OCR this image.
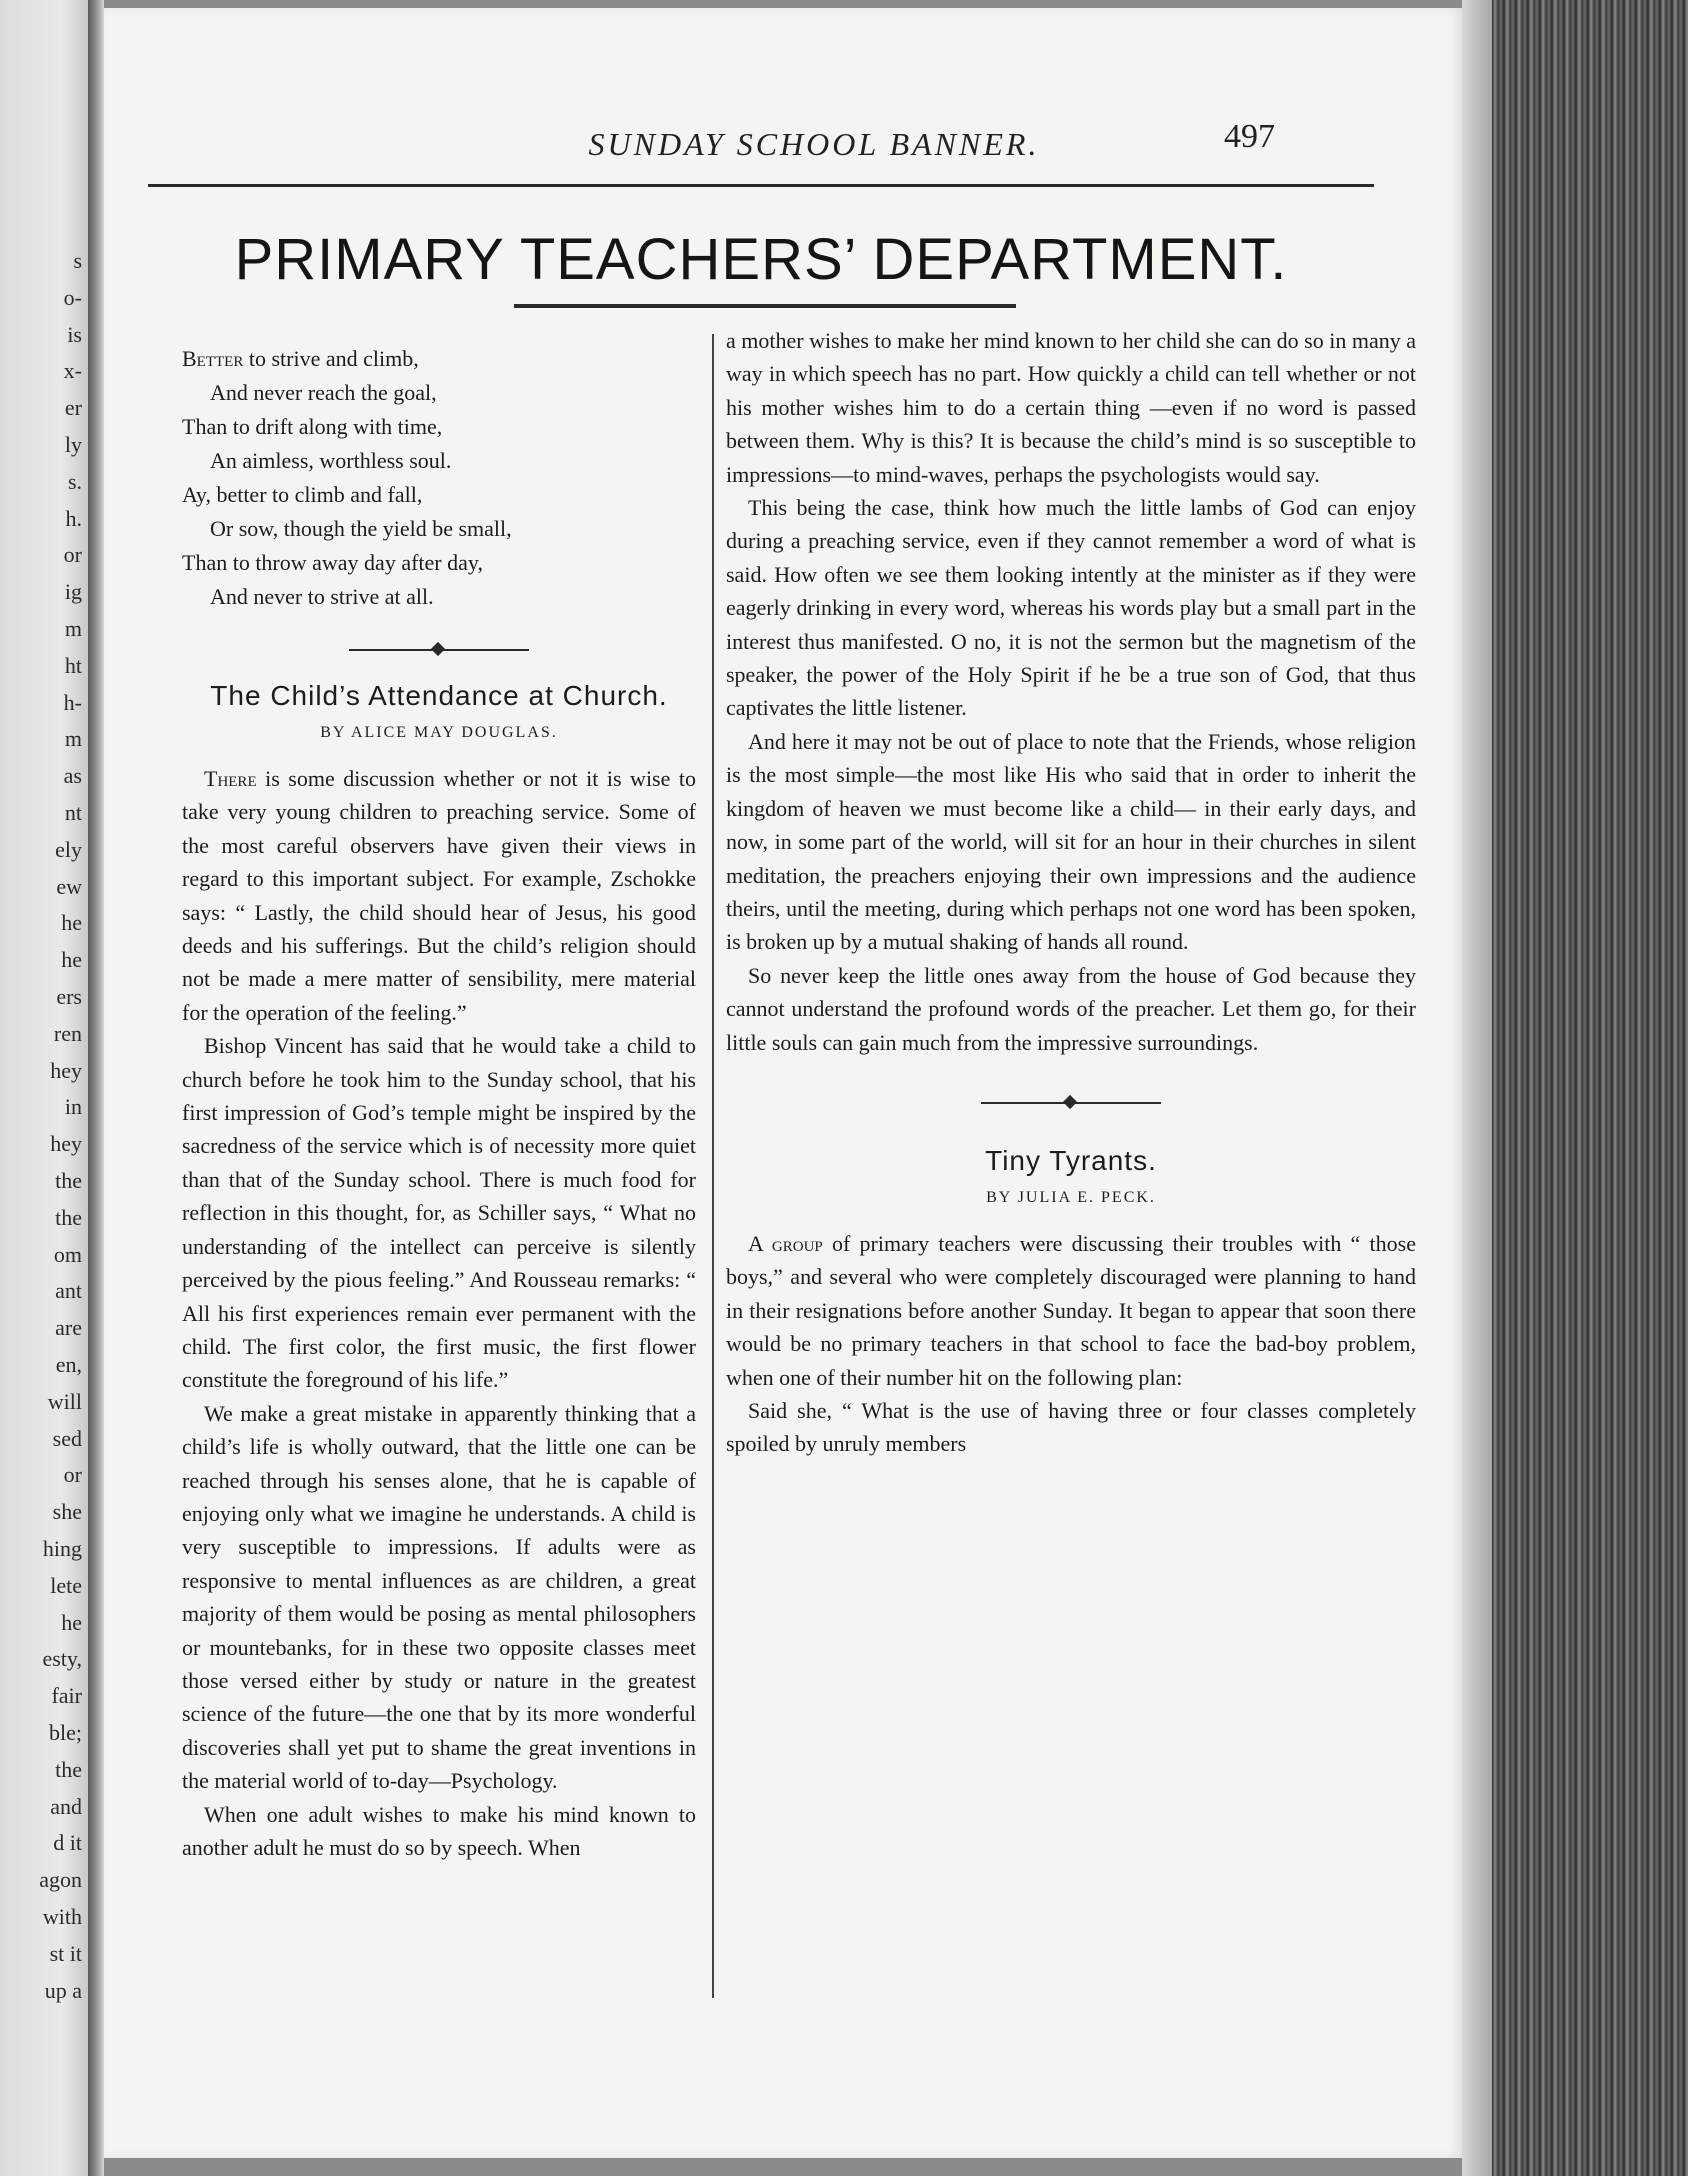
s
o-
is
x-
er
ly
s.
h.
or
ig
m
ht
h-
m
as
nt
ely
ew
he
he
ers
ren
hey
in
hey
the
the
om
ant
are
en,
will
sed
or
she
hing
lete
he
esty,
fair
ble;
the
and
d it
agon
with
st it
up a
SUNDAY SCHOOL BANNER.	497
PRIMARY TEACHERS’ DEPARTMENT.
Better to strive and climb,
And never reach the goal,
Than to drift along with time,
An aimless, worthless soul.
Ay, better to climb and fall,
Or sow, though the yield be small,
Than to throw away day after day,
And never to strive at all.
The Child’s Attendance at Church.
BY ALICE MAY DOUGLAS.

There is some discussion whether or not it is wise to take very young children to preaching service. Some of the most careful observers have given their views in regard to this important subject. For example, Zschokke says: “ Lastly, the child should hear of Jesus, his good deeds and his sufferings. But the child’s religion should not be made a mere matter of sensibility, mere material for the operation of the feeling.”

Bishop Vincent has said that he would take a child to church before he took him to the Sunday school, that his first impression of God’s temple might be inspired by the sacredness of the service which is of necessity more quiet than that of the Sunday school. There is much food for reflection in this thought, for, as Schiller says, “ What no understanding of the intellect can perceive is silently perceived by the pious feeling.” And Rousseau remarks: “ All his first experiences remain ever permanent with the child. The first color, the first music, the first flower constitute the foreground of his life.”

We make a great mistake in apparently thinking that a child’s life is wholly outward, that the little one can be reached through his senses alone, that he is capable of enjoying only what we imagine he understands. A child is very susceptible to impressions. If adults were as responsive to mental influences as are children, a great majority of them would be posing as mental philosophers or mountebanks, for in these two opposite classes meet those versed either by study or nature in the greatest science of the future—the one that by its more wonderful discoveries shall yet put to shame the great inventions in the material world of to-day—Psychology.

When one adult wishes to make his mind known to another adult he must do so by speech. When

a mother wishes to make her mind known to her child she can do so in many a way in which speech has no part. How quickly a child can tell whether or not his mother wishes him to do a certain thing —even if no word is passed between them. Why is this? It is because the child’s mind is so susceptible to impressions—to mind-waves, perhaps the psychologists would say.

This being the case, think how much the little lambs of God can enjoy during a preaching service, even if they cannot remember a word of what is said. How often we see them looking intently at the minister as if they were eagerly drinking in every word, whereas his words play but a small part in the interest thus manifested. O no, it is not the sermon but the magnetism of the speaker, the power of the Holy Spirit if he be a true son of God, that thus captivates the little listener.

And here it may not be out of place to note that the Friends, whose religion is the most simple—the most like His who said that in order to inherit the kingdom of heaven we must become like a child— in their early days, and now, in some part of the world, will sit for an hour in their churches in silent meditation, the preachers enjoying their own impressions and the audience theirs, until the meeting, during which perhaps not one word has been spoken, is broken up by a mutual shaking of hands all round.

So never keep the little ones away from the house of God because they cannot understand the profound words of the preacher. Let them go, for their little souls can gain much from the impressive surroundings.

Tiny Tyrants.
BY JULIA E. PECK.

A group of primary teachers were discussing their troubles with “ those boys,” and several who were completely discouraged were planning to hand in their resignations before another Sunday. It began to appear that soon there would be no primary teachers in that school to face the bad-boy problem, when one of their number hit on the following plan:

Said she, “ What is the use of having three or four classes completely spoiled by unruly members
